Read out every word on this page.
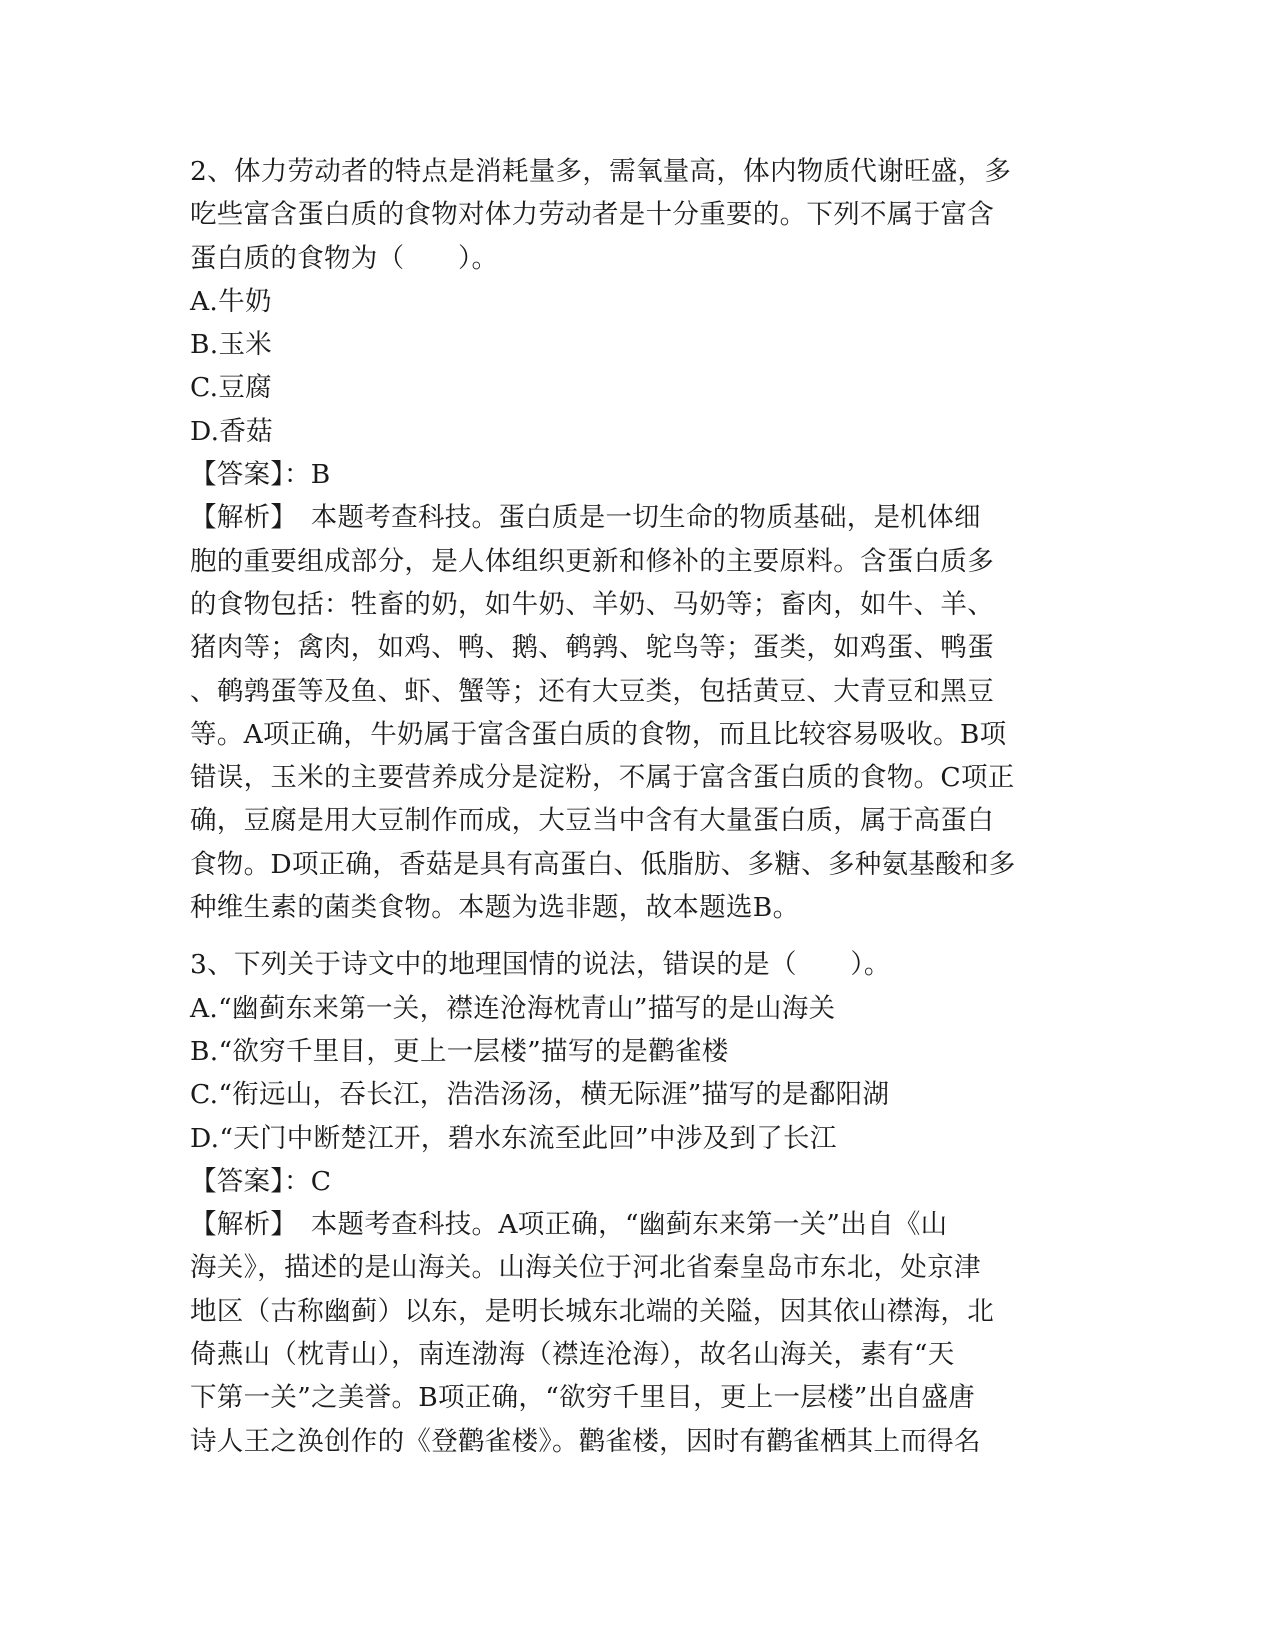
2、体力劳动者的特点是消耗量多，需氧量高，体内物质代谢旺盛，多
吃些富含蛋白质的食物对体力劳动者是十分重要的。下列不属于富含
蛋白质的食物为（　　）。
A.牛奶
B.玉米
C.豆腐
D.香菇
【答案】：B
【解析】　本题考查科技。蛋白质是一切生命的物质基础，是机体细
胞的重要组成部分，是人体组织更新和修补的主要原料。含蛋白质多
的食物包括：牲畜的奶，如牛奶、羊奶、马奶等；畜肉，如牛、羊、
猪肉等；禽肉，如鸡、鸭、鹅、鹌鹑、鸵鸟等；蛋类，如鸡蛋、鸭蛋
、鹌鹑蛋等及鱼、虾、蟹等；还有大豆类，包括黄豆、大青豆和黑豆
等。A项正确，牛奶属于富含蛋白质的食物，而且比较容易吸收。B项
错误，玉米的主要营养成分是淀粉，不属于富含蛋白质的食物。C项正
确，豆腐是用大豆制作而成，大豆当中含有大量蛋白质，属于高蛋白
食物。D项正确，香菇是具有高蛋白、低脂肪、多糖、多种氨基酸和多
种维生素的菌类食物。本题为选非题，故本题选B。
3、下列关于诗文中的地理国情的说法，错误的是（　　）。
A.“幽蓟东来第一关，襟连沧海枕青山”描写的是山海关
B.“欲穷千里目，更上一层楼”描写的是鹳雀楼
C.“衔远山，吞长江，浩浩汤汤，横无际涯”描写的是鄱阳湖
D.“天门中断楚江开，碧水东流至此回”中涉及到了长江
【答案】：C
【解析】　本题考查科技。A项正确，“幽蓟东来第一关”出自《山
海关》，描述的是山海关。山海关位于河北省秦皇岛市东北，处京津
地区（古称幽蓟）以东，是明长城东北端的关隘，因其依山襟海，北
倚燕山（枕青山），南连渤海（襟连沧海），故名山海关，素有“天
下第一关”之美誉。B项正确，“欲穷千里目，更上一层楼”出自盛唐
诗人王之涣创作的《登鹳雀楼》。鹳雀楼，因时有鹳雀栖其上而得名
